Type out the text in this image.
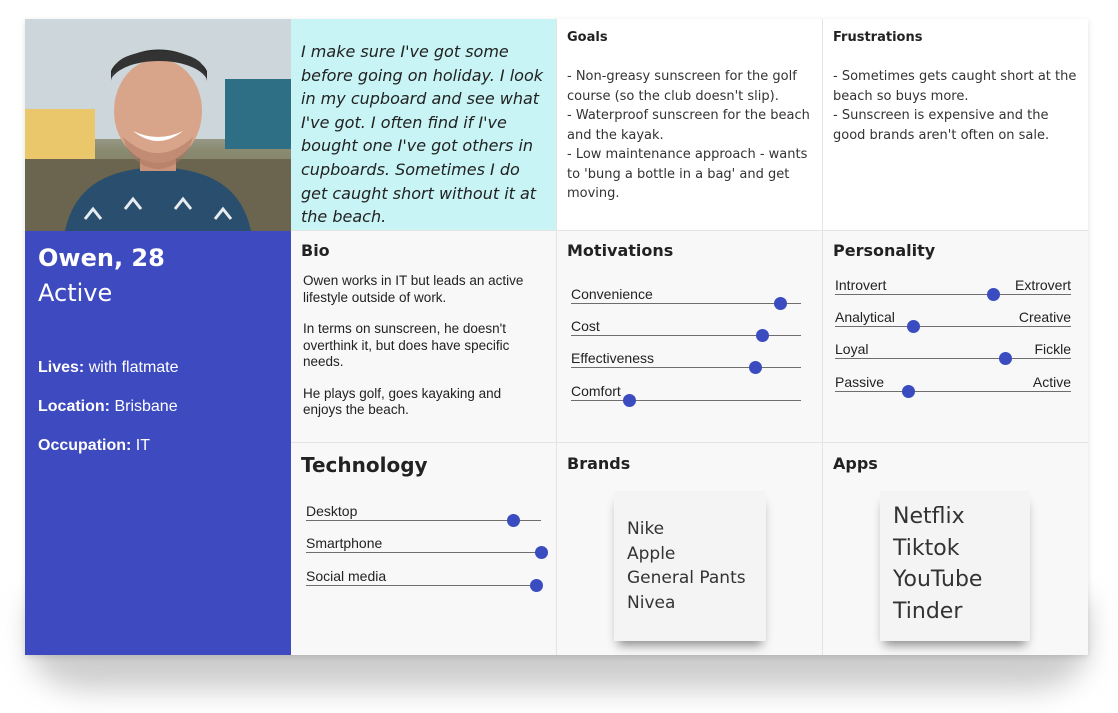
Owen, 28
Active
Lives: with flatmate
Location: Brisbane
Occupation: IT
I make sure I've got some before going on holiday. I look in my cupboard and see what I've got. I often find if I've bought one I've got others in cupboards. Sometimes I do get caught short without it at the beach.
Goals

- Non-greasy sunscreen for the golf course (so the club doesn't slip).

- Waterproof sunscreen for the beach and the kayak.

- Low maintenance approach - wants to 'bung a bottle in a bag' and get moving.

Frustrations

- Sometimes gets caught short at the beach so buys more.

- Sunscreen is expensive and the good brands aren't often on sale.

Bio

Owen works in IT but leads an active lifestyle outside of work.

In terms on sunscreen, he doesn't overthink it, but does have specific needs.

He plays golf, goes kayaking and enjoys the beach.

Motivations
Convenience
Cost
Effectiveness
Comfort
Personality
Introvert	Extrovert
Analytical	Creative
Loyal	Fickle
Passive	Active
Technology
Desktop
Smartphone
Social media
Brands
Nike
Apple
General Pants
Nivea
Apps
Netflix
Tiktok
YouTube
Tinder
